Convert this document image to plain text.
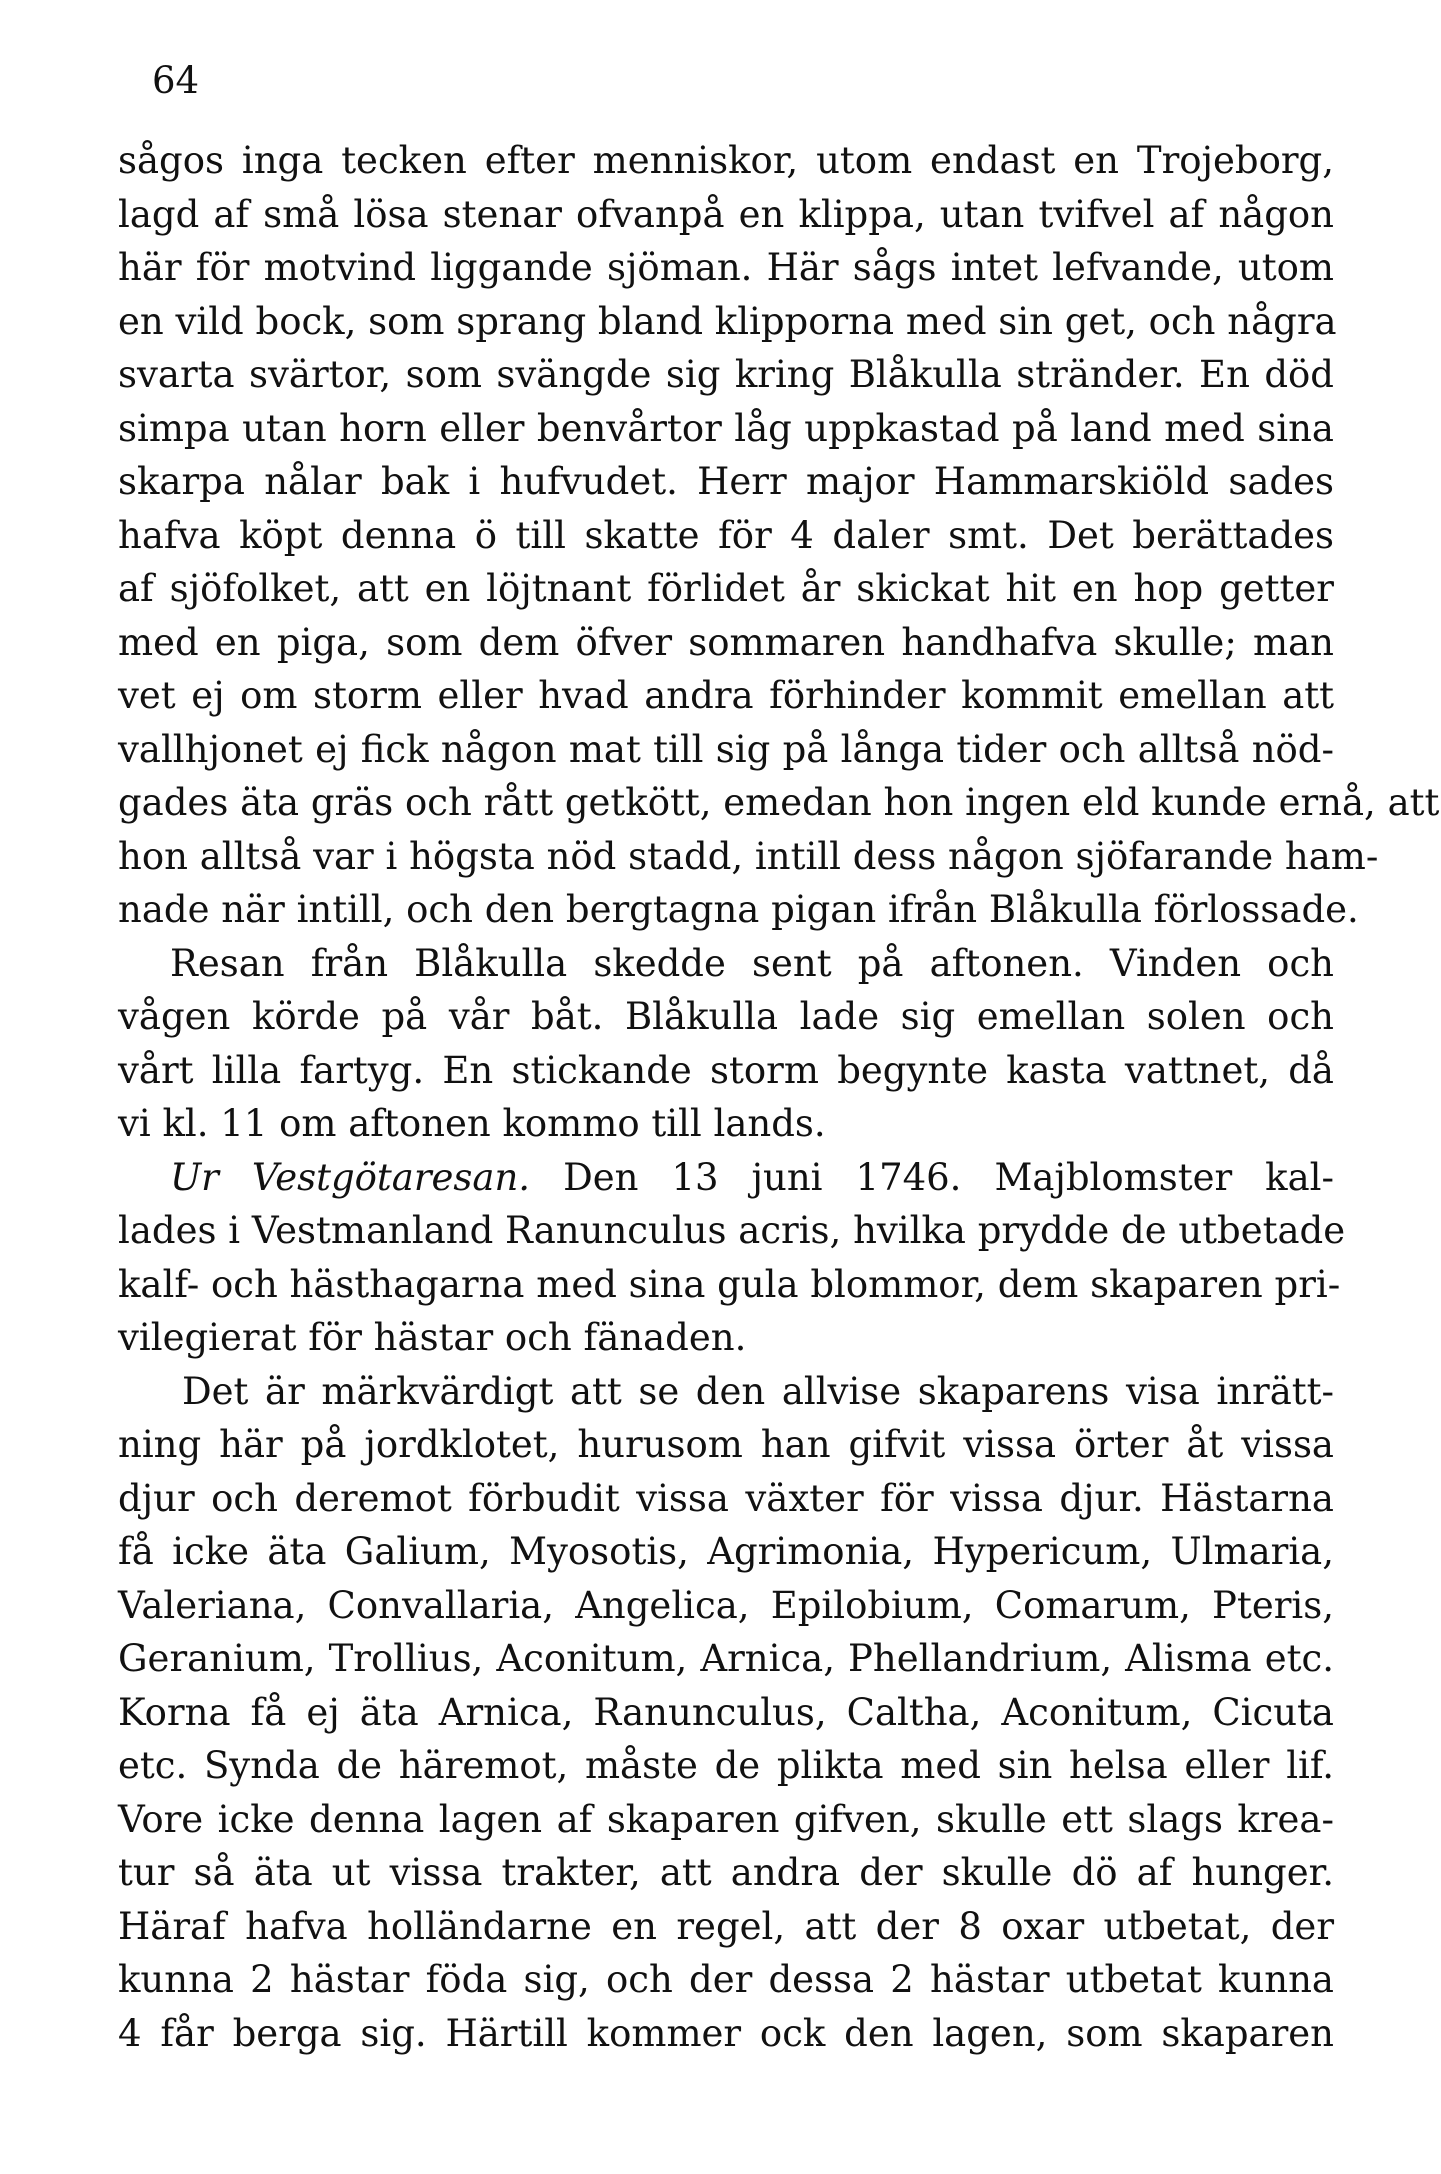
64
sågos inga tecken efter menniskor, utom endast en Trojeborg,
lagd af små lösa stenar ofvanpå en klippa, utan tvifvel af någon
här för motvind liggande sjöman. Här sågs intet lefvande, utom
en vild bock, som sprang bland klipporna med sin get, och några
svarta svärtor, som svängde sig kring Blåkulla stränder. En död
simpa utan horn eller benvårtor låg uppkastad på land med sina
skarpa nålar bak i hufvudet. Herr major Hammarskiöld sades
hafva köpt denna ö till skatte för 4 daler smt. Det berättades
af sjöfolket, att en löjtnant förlidet år skickat hit en hop getter
med en piga, som dem öfver sommaren handhafva skulle; man
vet ej om storm eller hvad andra förhinder kommit emellan att
vallhjonet ej fick någon mat till sig på långa tider och alltså nöd-
gades äta gräs och rått getkött, emedan hon ingen eld kunde ernå, att
hon alltså var i högsta nöd stadd, intill dess någon sjöfarande ham-
nade när intill, och den bergtagna pigan ifrån Blåkulla förlossade.
Resan från Blåkulla skedde sent på aftonen. Vinden och
vågen körde på vår båt. Blåkulla lade sig emellan solen och
vårt lilla fartyg. En stickande storm begynte kasta vattnet, då
vi kl. 11 om aftonen kommo till lands.
Ur Vestgötaresan. Den 13 juni 1746. Majblomster kal-
lades i Vestmanland Ranunculus acris, hvilka prydde de utbetade
kalf- och hästhagarna med sina gula blommor, dem skaparen pri-
vilegierat för hästar och fänaden.
Det är märkvärdigt att se den allvise skaparens visa inrätt-
ning här på jordklotet, hurusom han gifvit vissa örter åt vissa
djur och deremot förbudit vissa växter för vissa djur. Hästarna
få icke äta Galium, Myosotis, Agrimonia, Hypericum, Ulmaria,
Valeriana, Convallaria, Angelica, Epilobium, Comarum, Pteris,
Geranium, Trollius, Aconitum, Arnica, Phellandrium, Alisma etc.
Korna få ej äta Arnica, Ranunculus, Caltha, Aconitum, Cicuta
etc. Synda de häremot, måste de plikta med sin helsa eller lif.
Vore icke denna lagen af skaparen gifven, skulle ett slags krea-
tur så äta ut vissa trakter, att andra der skulle dö af hunger.
Häraf hafva holländarne en regel, att der 8 oxar utbetat, der
kunna 2 hästar föda sig, och der dessa 2 hästar utbetat kunna
4 får berga sig. Härtill kommer ock den lagen, som skaparen
